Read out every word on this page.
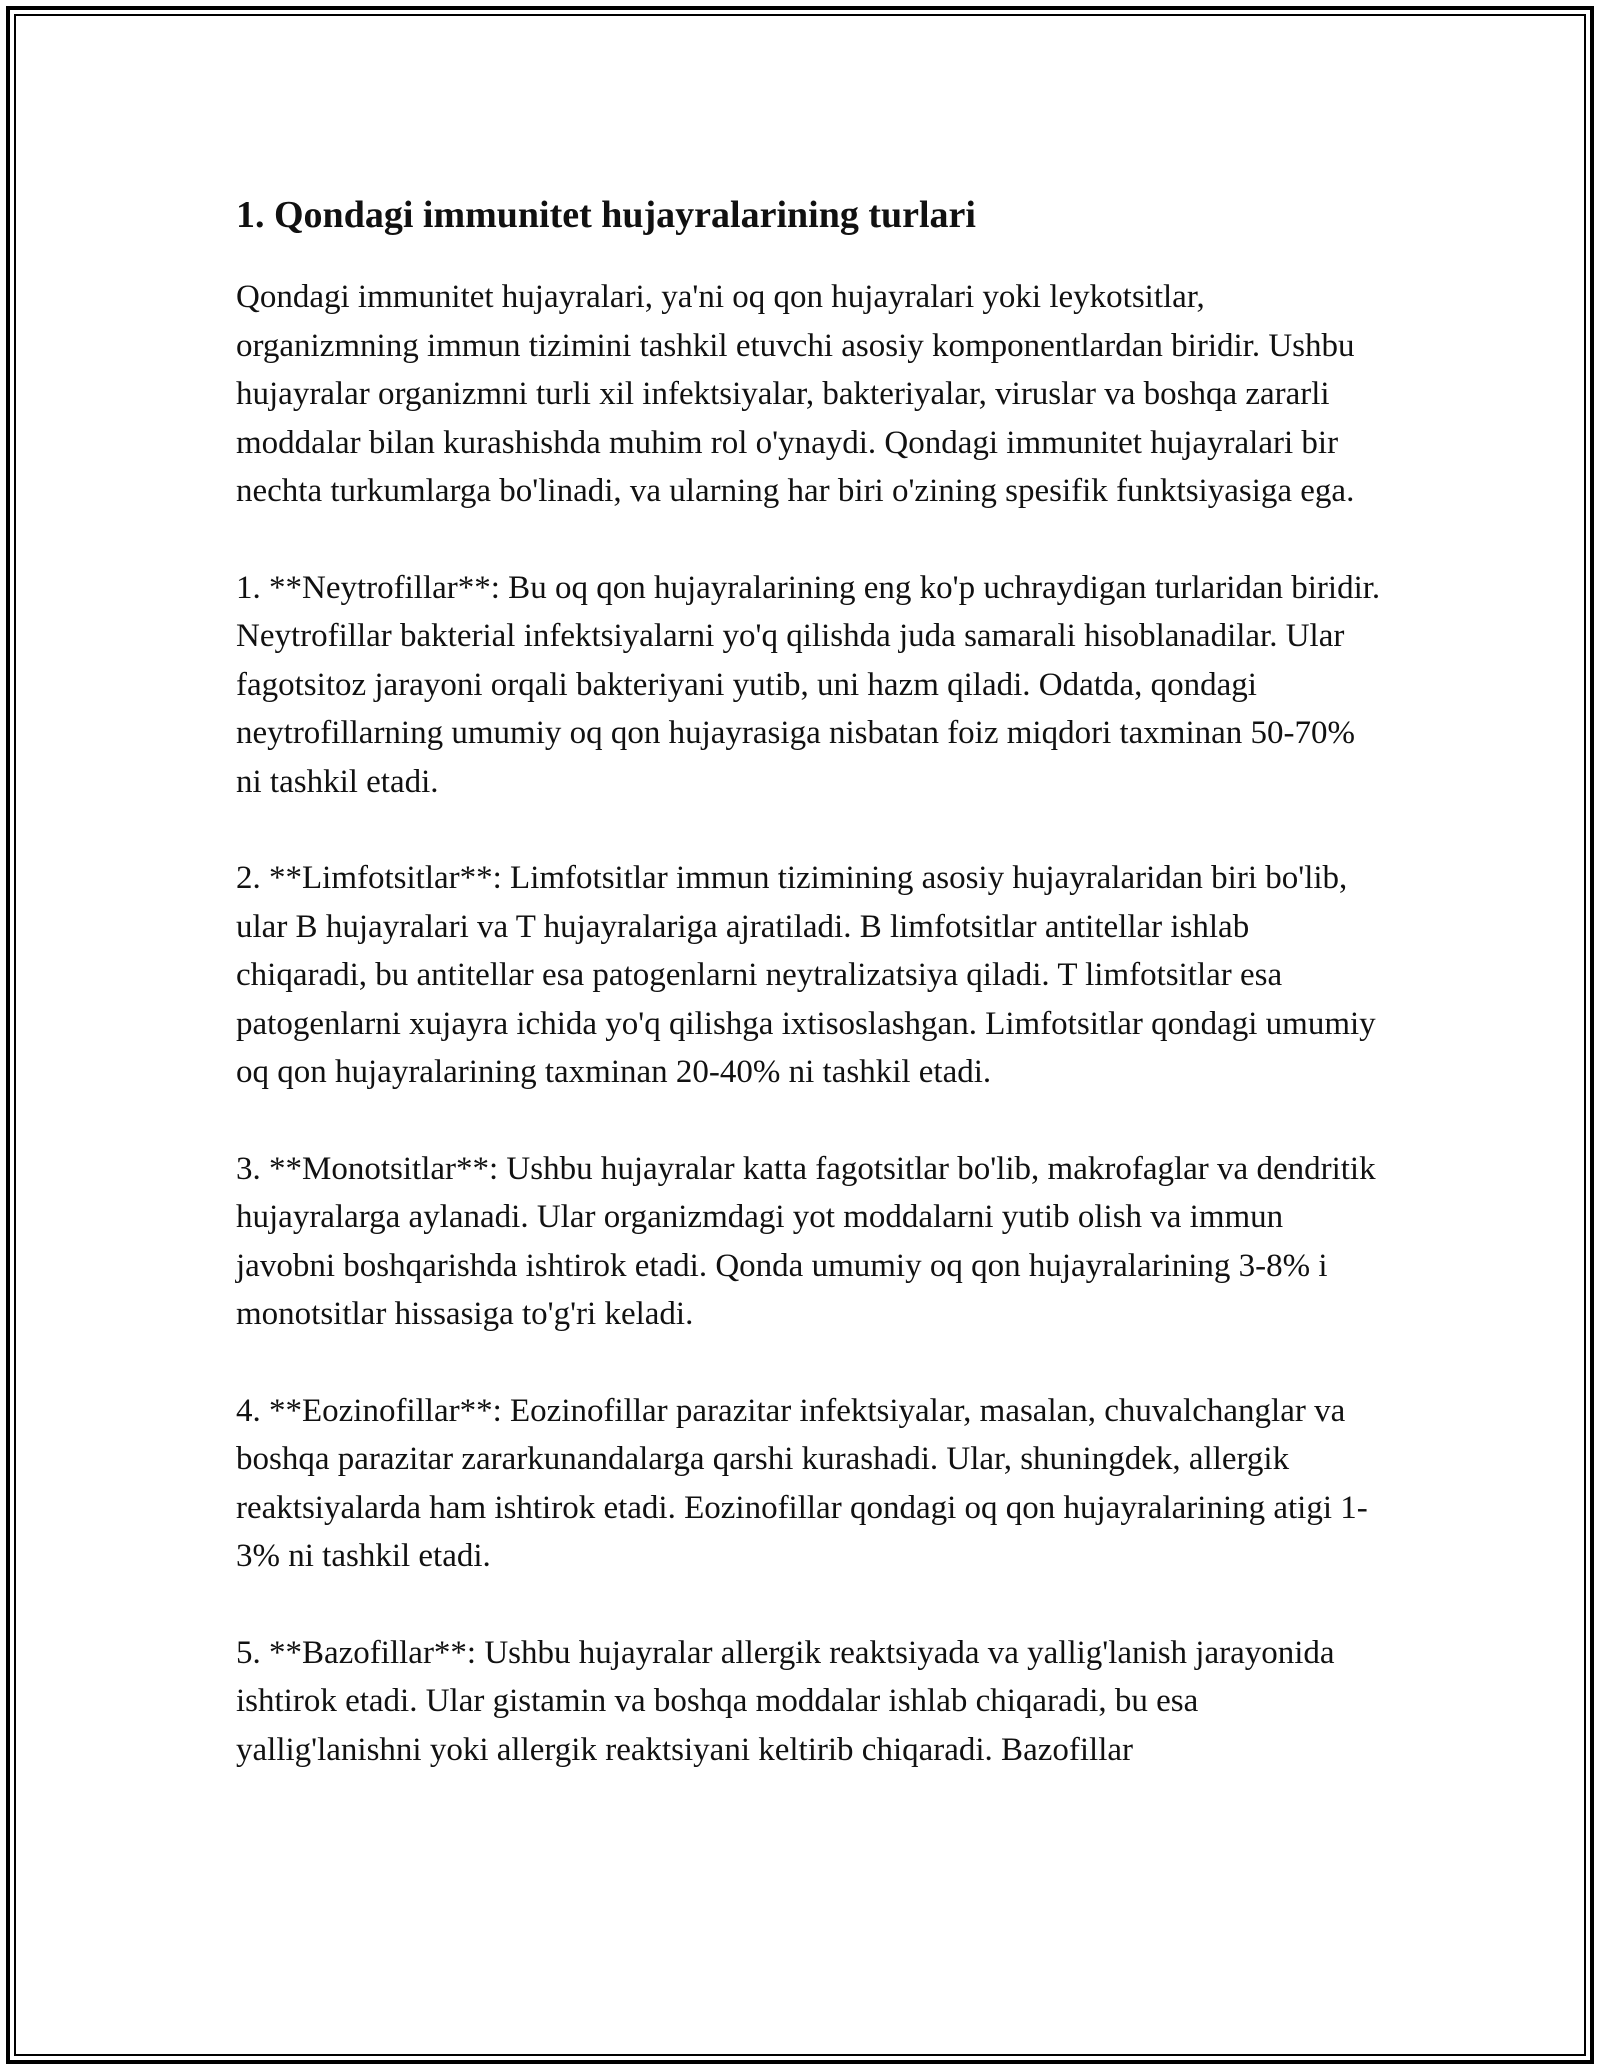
1. Qondagi immunitet hujayralarining turlari

Qondagi immunitet hujayralari, ya'ni oq qon hujayralari yoki leykotsitlar, organizmning immun tizimini tashkil etuvchi asosiy komponentlardan biridir. Ushbu hujayralar organizmni turli xil infektsiyalar, bakteriyalar, viruslar va boshqa zararli moddalar bilan kurashishda muhim rol o'ynaydi. Qondagi immunitet hujayralari bir nechta turkumlarga bo'linadi, va ularning har biri o'zining spesifik funktsiyasiga ega.

1. **Neytrofillar**: Bu oq qon hujayralarining eng ko'p uchraydigan turlaridan biridir. Neytrofillar bakterial infektsiyalarni yo'q qilishda juda samarali hisoblanadilar. Ular fagotsitoz jarayoni orqali bakteriyani yutib, uni hazm qiladi. Odatda, qondagi neytrofillarning umumiy oq qon hujayrasiga nisbatan foiz miqdori taxminan 50-70% ni tashkil etadi.

2. **Limfotsitlar**: Limfotsitlar immun tizimining asosiy hujayralaridan biri bo'lib, ular B hujayralari va T hujayralariga ajratiladi. B limfotsitlar antitellar ishlab chiqaradi, bu antitellar esa patogenlarni neytralizatsiya qiladi. T limfotsitlar esa patogenlarni xujayra ichida yo'q qilishga ixtisoslashgan. Limfotsitlar qondagi umumiy oq qon hujayralarining taxminan 20-40% ni tashkil etadi.

3. **Monotsitlar**: Ushbu hujayralar katta fagotsitlar bo'lib, makrofaglar va dendritik hujayralarga aylanadi. Ular organizmdagi yot moddalarni yutib olish va immun javobni boshqarishda ishtirok etadi. Qonda umumiy oq qon hujayralarining 3-8% i monotsitlar hissasiga to'g'ri keladi.

4. **Eozinofillar**: Eozinofillar parazitar infektsiyalar, masalan, chuvalchanglar va boshqa parazitar zararkunandalarga qarshi kurashadi. Ular, shuningdek, allergik reaktsiyalarda ham ishtirok etadi. Eozinofillar qondagi oq qon hujayralarining atigi 1-3% ni tashkil etadi.

5. **Bazofillar**: Ushbu hujayralar allergik reaktsiyada va yallig'lanish jarayonida ishtirok etadi. Ular gistamin va boshqa moddalar ishlab chiqaradi, bu esa yallig'lanishni yoki allergik reaktsiyani keltirib chiqaradi. Bazofillar
